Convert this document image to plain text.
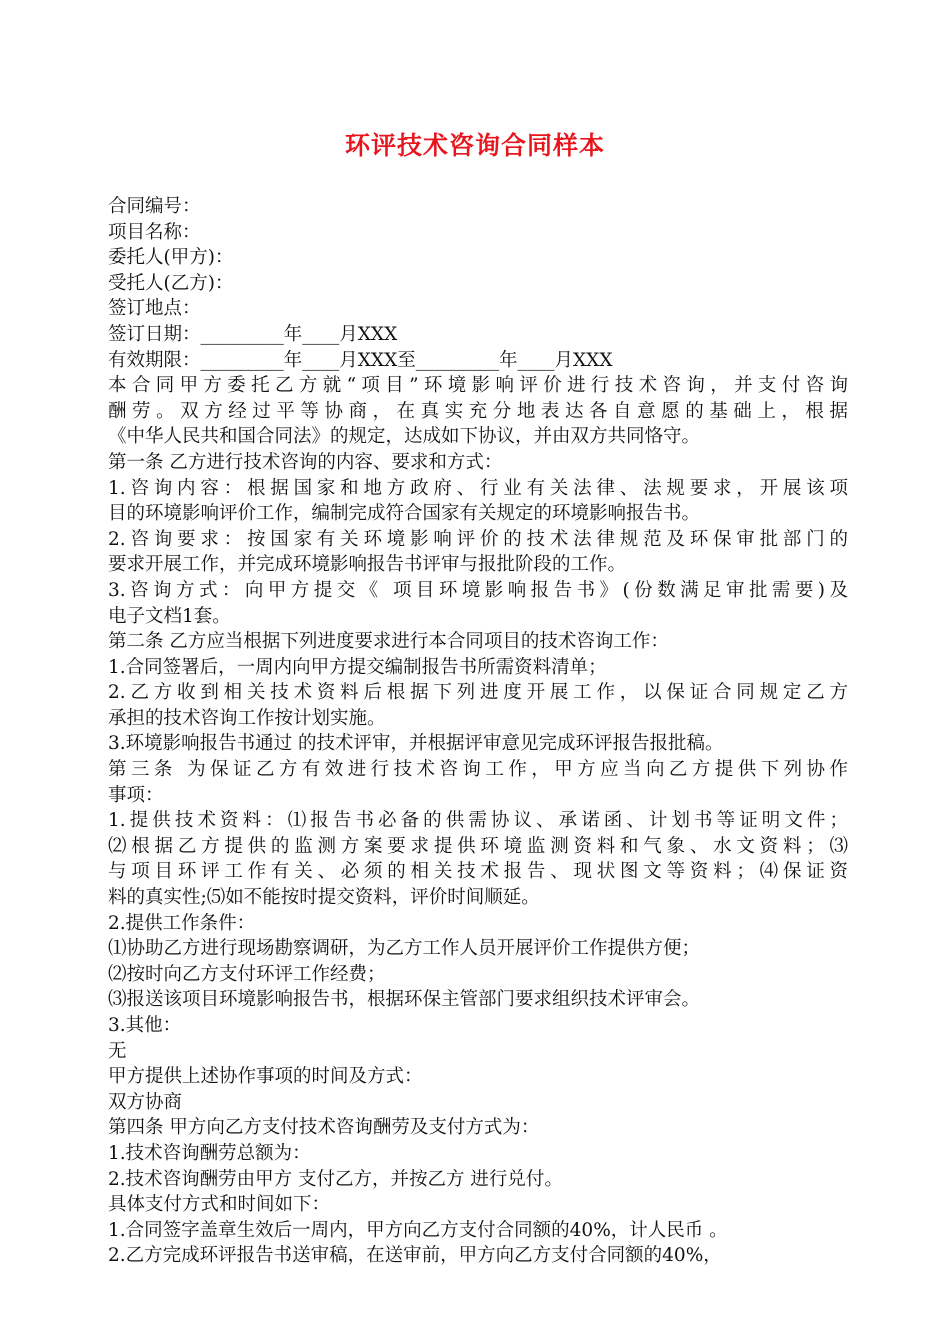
环评技术咨询合同样本
合同编号：
项目名称：
委托人(甲方)：
受托人(乙方)：
签订地点：
签订日期：_________年____月XXX
有效期限：_________年____月XXX至_________年____月XXX
本合同甲方委托乙方就“项目”环境影响评价进行技术咨询，并支付咨询
酬劳。双方经过平等协商，在真实充分地表达各自意愿的基础上，根据
《中华人民共和国合同法》的规定，达成如下协议，并由双方共同恪守。
第一条 乙方进行技术咨询的内容、要求和方式：
1.咨询内容：根据国家和地方政府、行业有关法律、法规要求，开展该项
目的环境影响评价工作，编制完成符合国家有关规定的环境影响报告书。
2.咨询要求：按国家有关环境影响评价的技术法律规范及环保审批部门的
要求开展工作，并完成环境影响报告书评审与报批阶段的工作。
3.咨询方式：向甲方提交《 项目环境影响报告书》(份数满足审批需要)及
电子文档1套。
第二条 乙方应当根据下列进度要求进行本合同项目的技术咨询工作：
1.合同签署后，一周内向甲方提交编制报告书所需资料清单；
2.乙方收到相关技术资料后根据下列进度开展工作，以保证合同规定乙方
承担的技术咨询工作按计划实施。
3.环境影响报告书通过 的技术评审，并根据评审意见完成环评报告报批稿。
第三条 为保证乙方有效进行技术咨询工作，甲方应当向乙方提供下列协作
事项：
1.提供技术资料：⑴报告书必备的供需协议、承诺函、计划书等证明文件；
⑵根据乙方提供的监测方案要求提供环境监测资料和气象、水文资料；⑶
与项目环评工作有关、必须的相关技术报告、现状图文等资料；⑷保证资
料的真实性;⑸如不能按时提交资料，评价时间顺延。
2.提供工作条件：
⑴协助乙方进行现场勘察调研，为乙方工作人员开展评价工作提供方便；
⑵按时向乙方支付环评工作经费；
⑶报送该项目环境影响报告书，根据环保主管部门要求组织技术评审会。
3.其他：
无
甲方提供上述协作事项的时间及方式：
双方协商
第四条 甲方向乙方支付技术咨询酬劳及支付方式为：
1.技术咨询酬劳总额为：
2.技术咨询酬劳由甲方 支付乙方，并按乙方 进行兑付。
具体支付方式和时间如下：
1.合同签字盖章生效后一周内，甲方向乙方支付合同额的40%，计人民币 。
2.乙方完成环评报告书送审稿，在送审前，甲方向乙方支付合同额的40%，
